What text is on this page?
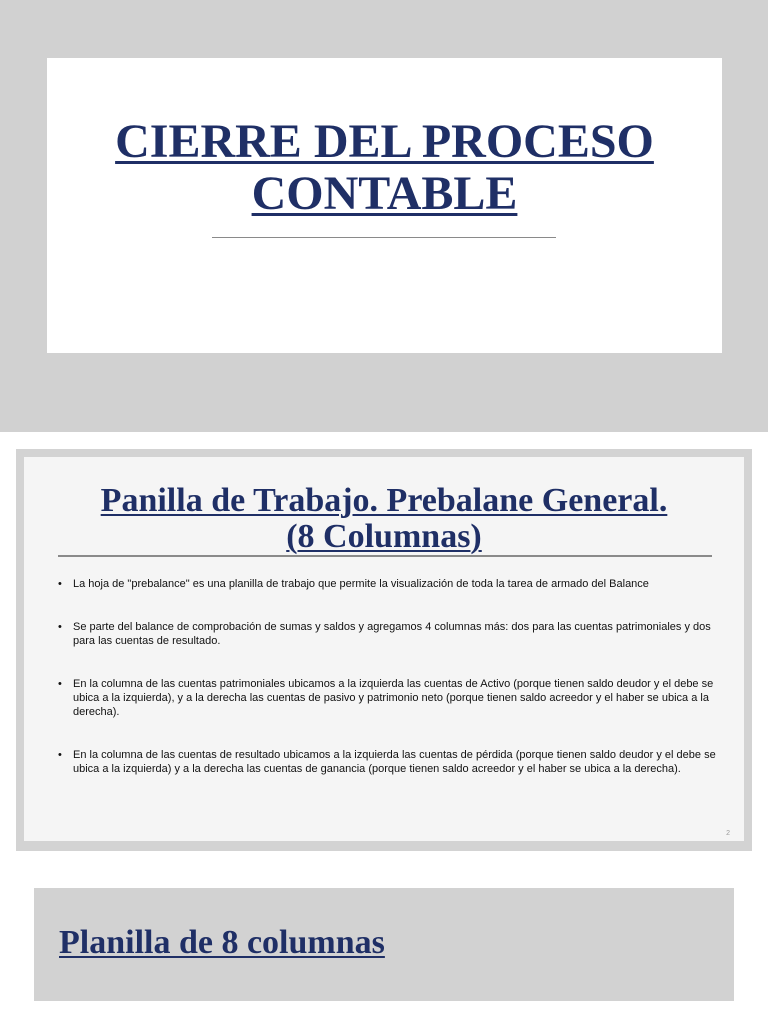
CIERRE DEL PROCESO
CONTABLE
Panilla de Trabajo. Prebalane General.
(8 Columnas)
• La hoja de "prebalance" es una planilla de trabajo que permite la visualización de toda la tarea de armado del Balance
• Se parte del balance de comprobación de sumas y saldos y agregamos 4 columnas más: dos para las cuentas patrimoniales y dos para las cuentas de resultado.
• En la columna de las cuentas patrimoniales ubicamos a la izquierda las cuentas de Activo (porque tienen saldo deudor y el debe se ubica a la izquierda), y a la derecha las cuentas de pasivo y patrimonio neto (porque tienen saldo acreedor y el haber se ubica a la derecha).
• En la columna de las cuentas de resultado ubicamos a la izquierda las cuentas de pérdida (porque tienen saldo deudor y el debe se ubica a la izquierda) y a la derecha las cuentas de ganancia (porque tienen saldo acreedor y el haber se ubica a la derecha).
2
Planilla de 8 columnas
